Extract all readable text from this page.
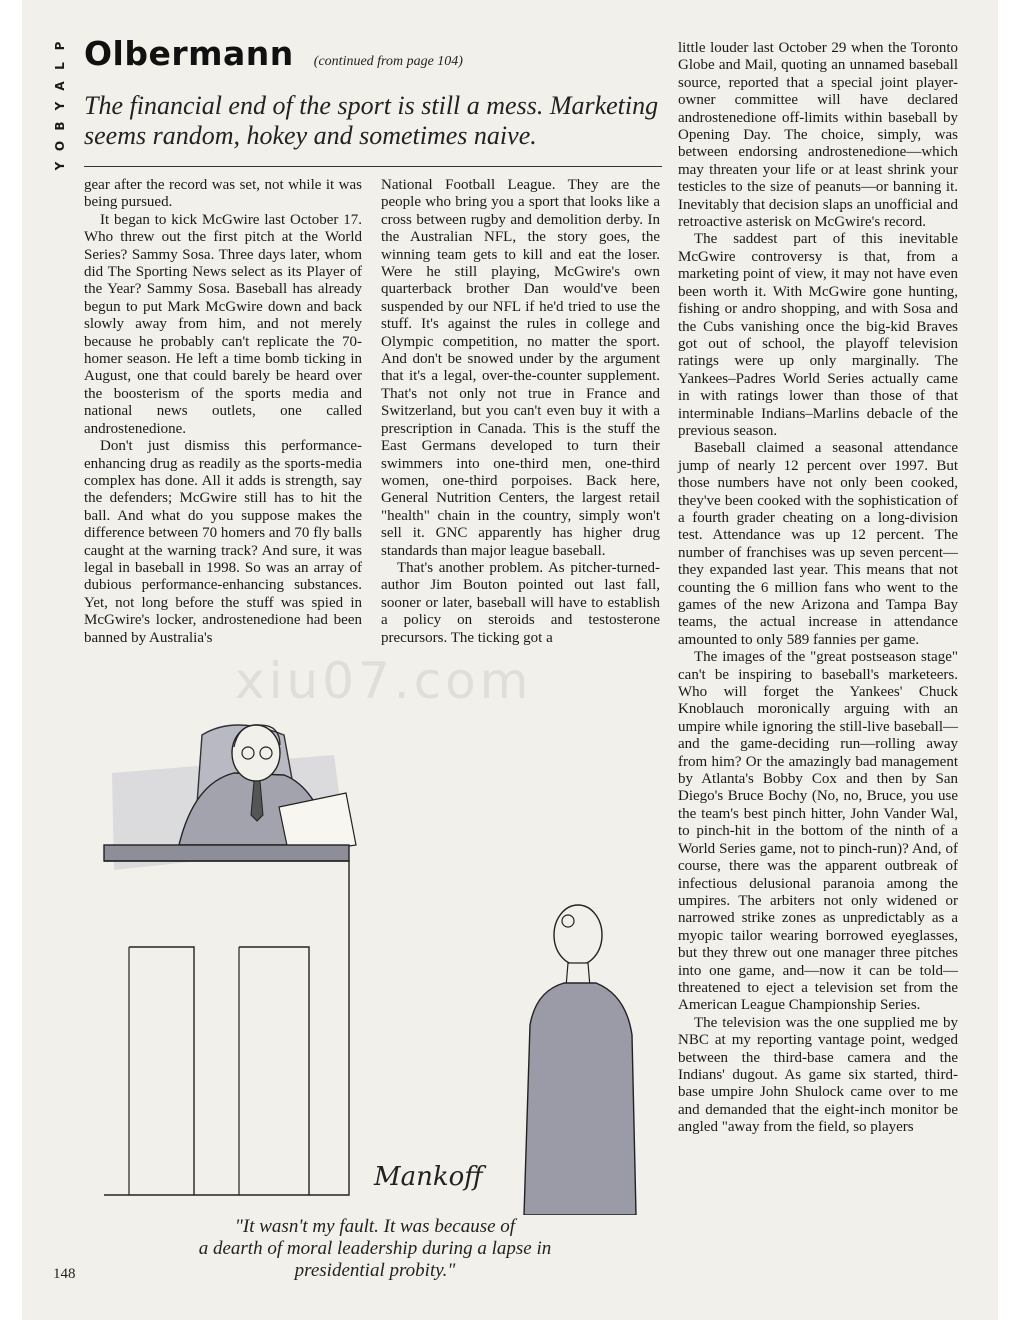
P
L
A
Y
B
O
Y
Olbermann (continued from page 104)

The financial end of the sport is still a mess. Marketing seems random, hokey and sometimes naive.

gear after the record was set, not while it was being pursued.

It began to kick McGwire last October 17. Who threw out the first pitch at the World Series? Sammy Sosa. Three days later, whom did The Sporting News select as its Player of the Year? Sammy Sosa. Baseball has already begun to put Mark McGwire down and back slowly away from him, and not merely because he probably can't replicate the 70-homer season. He left a time bomb ticking in August, one that could barely be heard over the boosterism of the sports media and national news outlets, one called androstenedione.

Don't just dismiss this performance-enhancing drug as readily as the sports-media complex has done. All it adds is strength, say the defenders; McGwire still has to hit the ball. And what do you suppose makes the difference between 70 homers and 70 fly balls caught at the warning track? And sure, it was legal in baseball in 1998. So was an array of dubious performance-enhancing substances. Yet, not long before the stuff was spied in McGwire's locker, androstenedione had been banned by Australia's

National Football League. They are the people who bring you a sport that looks like a cross between rugby and demolition derby. In the Australian NFL, the story goes, the winning team gets to kill and eat the loser. Were he still playing, McGwire's own quarterback brother Dan would've been suspended by our NFL if he'd tried to use the stuff. It's against the rules in college and Olympic competition, no matter the sport. And don't be snowed under by the argument that it's a legal, over-the-counter supplement. That's not only not true in France and Switzerland, but you can't even buy it with a prescription in Canada. This is the stuff the East Germans developed to turn their swimmers into one-third men, one-third women, one-third porpoises. Back here, General Nutrition Centers, the largest retail "health" chain in the country, simply won't sell it. GNC apparently has higher drug standards than major league baseball.

That's another problem. As pitcher-turned-author Jim Bouton pointed out last fall, sooner or later, baseball will have to establish a policy on steroids and testosterone precursors. The ticking got a

little louder last October 29 when the Toronto Globe and Mail, quoting an unnamed baseball source, reported that a special joint player-owner committee will have declared androstenedione off-limits within baseball by Opening Day. The choice, simply, was between endorsing androstenedione—which may threaten your life or at least shrink your testicles to the size of peanuts—or banning it. Inevitably that decision slaps an unofficial and retroactive asterisk on McGwire's record.

The saddest part of this inevitable McGwire controversy is that, from a marketing point of view, it may not have even been worth it. With McGwire gone hunting, fishing or andro shopping, and with Sosa and the Cubs vanishing once the big-kid Braves got out of school, the playoff television ratings were up only marginally. The Yankees–Padres World Series actually came in with ratings lower than those of that interminable Indians–Marlins debacle of the previous season.

Baseball claimed a seasonal attendance jump of nearly 12 percent over 1997. But those numbers have not only been cooked, they've been cooked with the sophistication of a fourth grader cheating on a long-division test. Attendance was up 12 percent. The number of franchises was up seven percent—they expanded last year. This means that not counting the 6 million fans who went to the games of the new Arizona and Tampa Bay teams, the actual increase in attendance amounted to only 589 fannies per game.

The images of the "great postseason stage" can't be inspiring to baseball's marketeers. Who will forget the Yankees' Chuck Knoblauch moronically arguing with an umpire while ignoring the still-live baseball—and the game-deciding run—rolling away from him? Or the amazingly bad management by Atlanta's Bobby Cox and then by San Diego's Bruce Bochy (No, no, Bruce, you use the team's best pinch hitter, John Vander Wal, to pinch-hit in the bottom of the ninth of a World Series game, not to pinch-run)? And, of course, there was the apparent outbreak of infectious delusional paranoia among the umpires. The arbiters not only widened or narrowed strike zones as unpredictably as a myopic tailor wearing borrowed eyeglasses, but they threw out one manager three pitches into one game, and—now it can be told—threatened to eject a television set from the American League Championship Series.

The television was the one supplied me by NBC at my reporting vantage point, wedged between the third-base camera and the Indians' dugout. As game six started, third-base umpire John Shulock came over to me and demanded that the eight-inch monitor be angled "away from the field, so players

xiu07.com
Mankoff

"It wasn't my fault. It was because of
a dearth of moral leadership during a lapse in
presidential probity."

148
